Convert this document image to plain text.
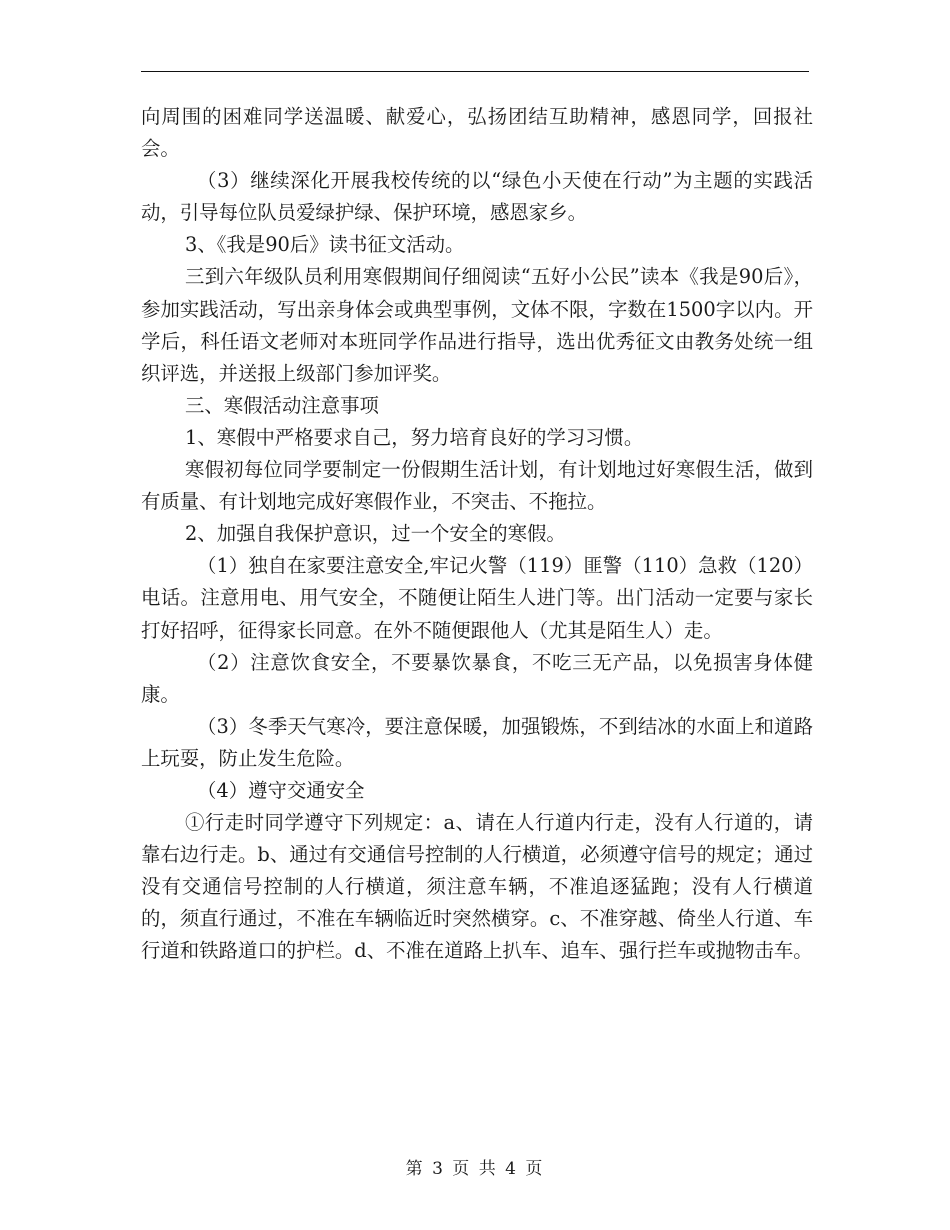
向周围的困难同学送温暖、献爱心，弘扬团结互助精神，感恩同学，回报社会。

（3）继续深化开展我校传统的以“绿色小天使在行动”为主题的实践活动，引导每位队员爱绿护绿、保护环境，感恩家乡。

3、《我是90后》读书征文活动。

三到六年级队员利用寒假期间仔细阅读“五好小公民”读本《我是90后》，参加实践活动，写出亲身体会或典型事例，文体不限，字数在1500字以内。开学后，科任语文老师对本班同学作品进行指导，选出优秀征文由教务处统一组织评选，并送报上级部门参加评奖。

三、寒假活动注意事项

1、寒假中严格要求自己，努力培育良好的学习习惯。

寒假初每位同学要制定一份假期生活计划，有计划地过好寒假生活，做到有质量、有计划地完成好寒假作业，不突击、不拖拉。

2、加强自我保护意识，过一个安全的寒假。

（1）独自在家要注意安全,牢记火警（119）匪警（110）急救（120）电话。注意用电、用气安全，不随便让陌生人进门等。出门活动一定要与家长打好招呼，征得家长同意。在外不随便跟他人（尤其是陌生人）走。

（2）注意饮食安全，不要暴饮暴食，不吃三无产品，以免损害身体健康。

（3）冬季天气寒冷，要注意保暖，加强锻炼，不到结冰的水面上和道路上玩耍，防止发生危险。

（4）遵守交通安全

①行走时同学遵守下列规定：a、请在人行道内行走，没有人行道的，请靠右边行走。b、通过有交通信号控制的人行横道，必须遵守信号的规定；通过没有交通信号控制的人行横道，须注意车辆，不准追逐猛跑；没有人行横道的，须直行通过，不准在车辆临近时突然横穿。c、不准穿越、倚坐人行道、车行道和铁路道口的护栏。d、不准在道路上扒车、追车、强行拦车或抛物击车。

第 3 页 共 4 页
